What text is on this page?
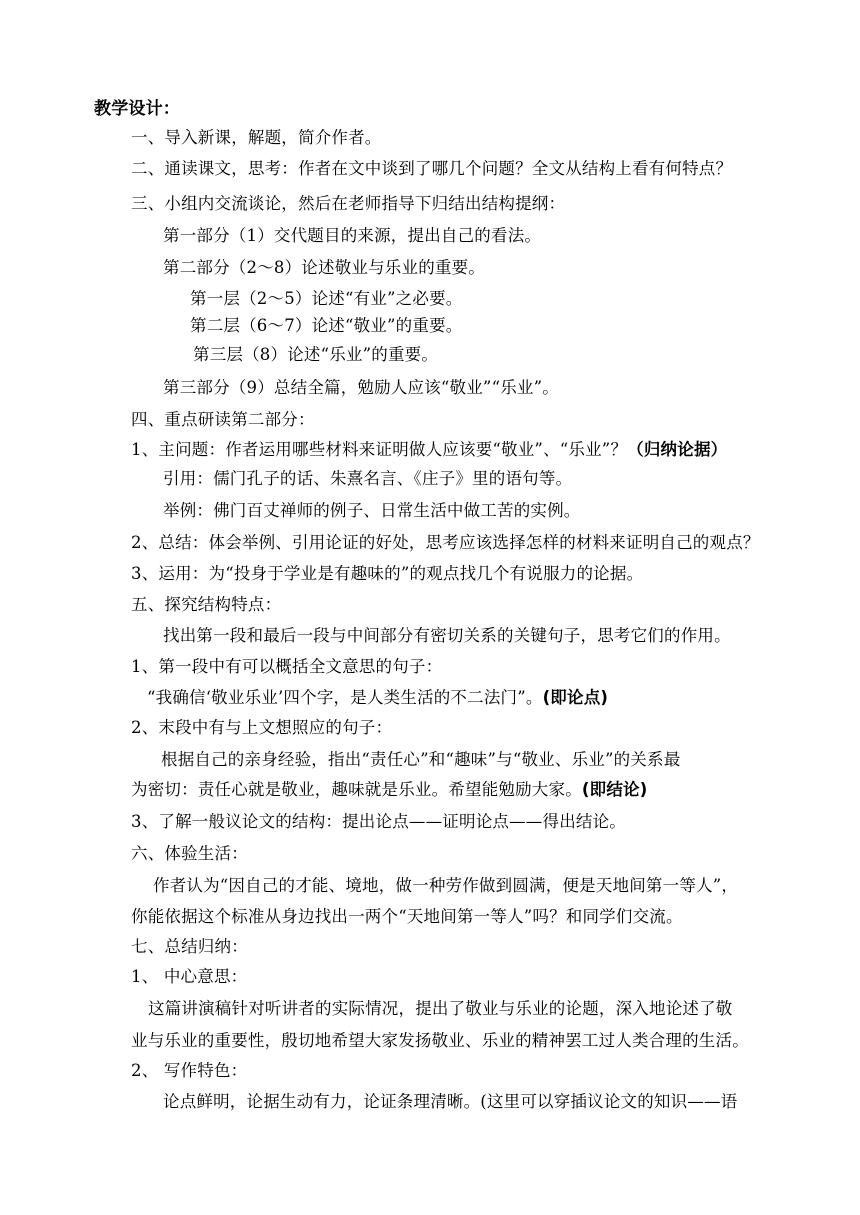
教学设计：
一、导入新课，解题，简介作者。
二、通读课文，思考：作者在文中谈到了哪几个问题？全文从结构上看有何特点？
三、小组内交流谈论，然后在老师指导下归结出结构提纲：
第一部分（1）交代题目的来源，提出自己的看法。
第二部分（2～8）论述敬业与乐业的重要。
第一层（2～5）论述“有业”之必要。
第二层（6～7）论述“敬业”的重要。
第三层（8）论述“乐业”的重要。
第三部分（9）总结全篇，勉励人应该“敬业”“乐业”。
四、重点研读第二部分：
1、主问题：作者运用哪些材料来证明做人应该要“敬业”、“乐业”？（归纳论据）
引用：儒门孔子的话、朱熹名言、《庄子》里的语句等。
举例：佛门百丈禅师的例子、日常生活中做工苦的实例。
2、总结：体会举例、引用论证的好处，思考应该选择怎样的材料来证明自己的观点？
3、运用：为“投身于学业是有趣味的”的观点找几个有说服力的论据。
五、探究结构特点：
找出第一段和最后一段与中间部分有密切关系的关键句子，思考它们的作用。
1、第一段中有可以概括全文意思的句子：
“我确信‘敬业乐业’四个字，是人类生活的不二法门”。(即论点)
2、末段中有与上文想照应的句子：
根据自己的亲身经验，指出“责任心”和“趣味”与“敬业、乐业”的关系最
为密切：责任心就是敬业，趣味就是乐业。希望能勉励大家。(即结论)
3、了解一般议论文的结构：提出论点——证明论点——得出结论。
六、体验生活：
作者认为“因自己的才能、境地，做一种劳作做到圆满，便是天地间第一等人”，
你能依据这个标准从身边找出一两个“天地间第一等人”吗？和同学们交流。
七、总结归纳：
1、 中心意思：
这篇讲演稿针对听讲者的实际情况，提出了敬业与乐业的论题，深入地论述了敬
业与乐业的重要性，殷切地希望大家发扬敬业、乐业的精神罢工过人类合理的生活。
2、 写作特色：
论点鲜明，论据生动有力，论证条理清晰。(这里可以穿插议论文的知识——语
